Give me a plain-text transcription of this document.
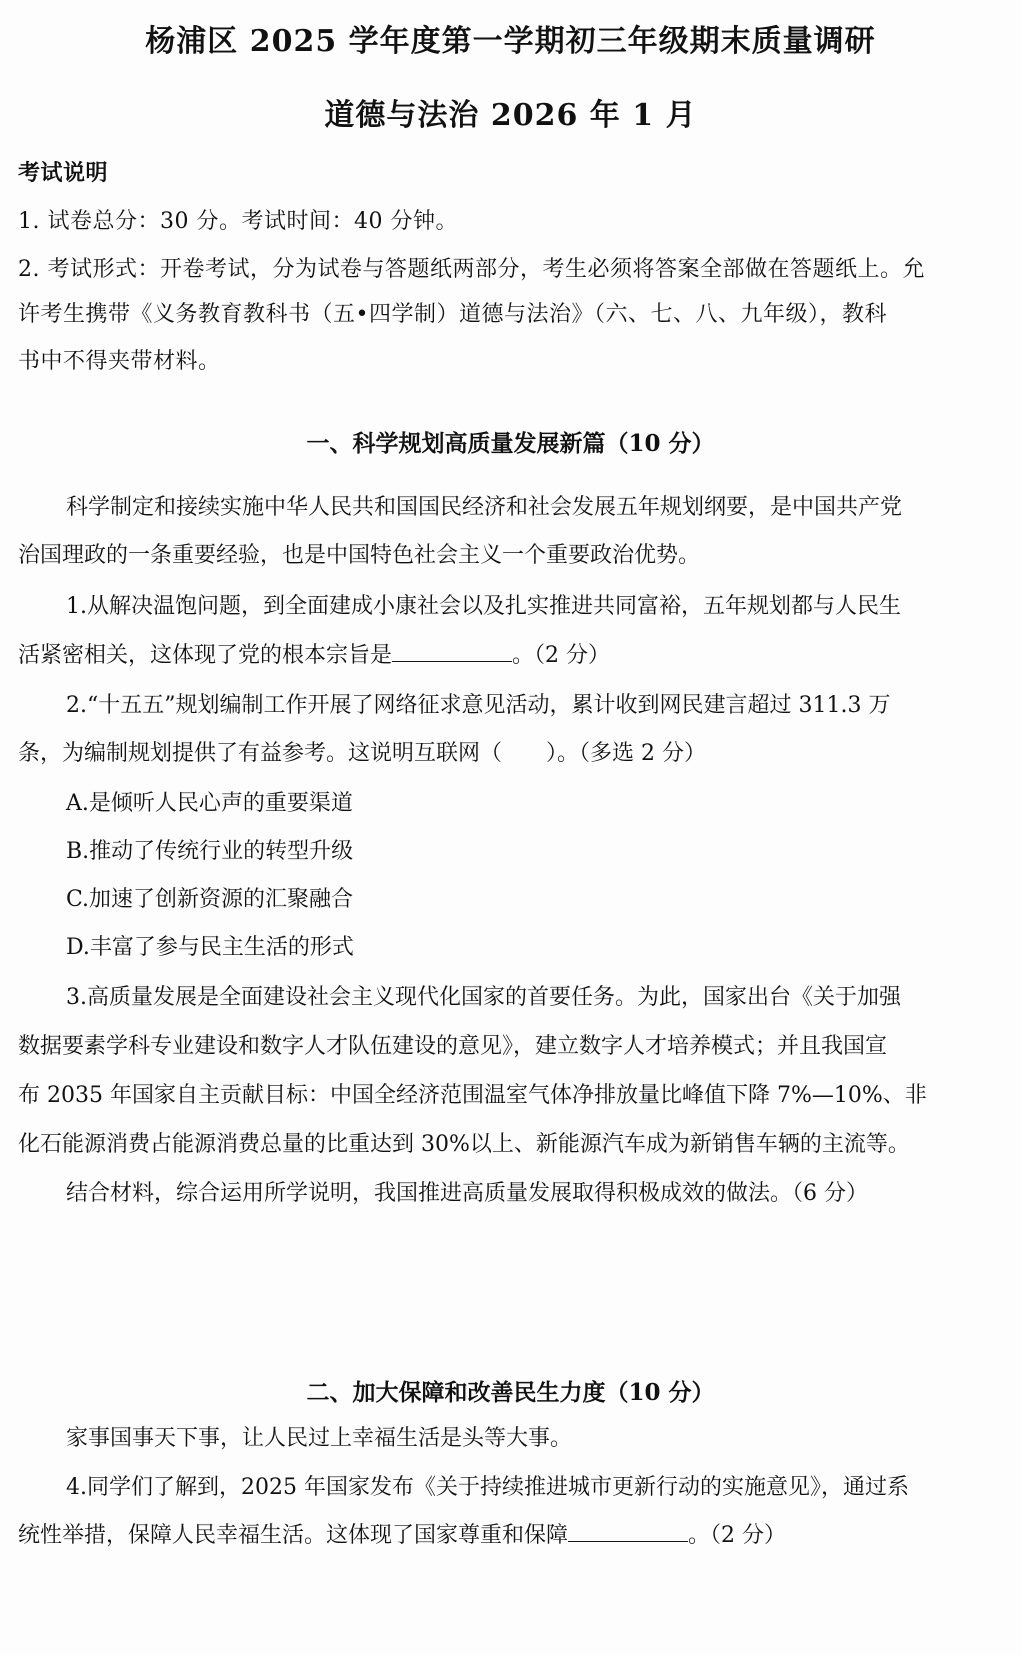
杨浦区 2025 学年度第一学期初三年级期末质量调研
道德与法治 2026 年 1 月
考试说明
1. 试卷总分：30 分。考试时间：40 分钟。
2. 考试形式：开卷考试，分为试卷与答题纸两部分，考生必须将答案全部做在答题纸上。允
许考生携带《义务教育教科书（五•四学制）道德与法治》（六、七、八、九年级），教科
书中不得夹带材料。
一、科学规划高质量发展新篇（10 分）
科学制定和接续实施中华人民共和国国民经济和社会发展五年规划纲要，是中国共产党
治国理政的一条重要经验，也是中国特色社会主义一个重要政治优势。
1.从解决温饱问题，到全面建成小康社会以及扎实推进共同富裕，五年规划都与人民生
活紧密相关，这体现了党的根本宗旨是	。（2 分）
2.“十五五”规划编制工作开展了网络征求意见活动，累计收到网民建言超过 311.3 万
条，为编制规划提供了有益参考。这说明互联网（ ）。（多选 2 分）
A.是倾听人民心声的重要渠道
B.推动了传统行业的转型升级
C.加速了创新资源的汇聚融合
D.丰富了参与民主生活的形式
3.高质量发展是全面建设社会主义现代化国家的首要任务。为此，国家出台《关于加强
数据要素学科专业建设和数字人才队伍建设的意见》，建立数字人才培养模式；并且我国宣
布 2035 年国家自主贡献目标：中国全经济范围温室气体净排放量比峰值下降 7%—10%、非
化石能源消费占能源消费总量的比重达到 30%以上、新能源汽车成为新销售车辆的主流等。
结合材料，综合运用所学说明，我国推进高质量发展取得积极成效的做法。（6 分）
二、加大保障和改善民生力度（10 分）
家事国事天下事，让人民过上幸福生活是头等大事。
4.同学们了解到，2025 年国家发布《关于持续推进城市更新行动的实施意见》，通过系
统性举措，保障人民幸福生活。这体现了国家尊重和保障	。（2 分）
